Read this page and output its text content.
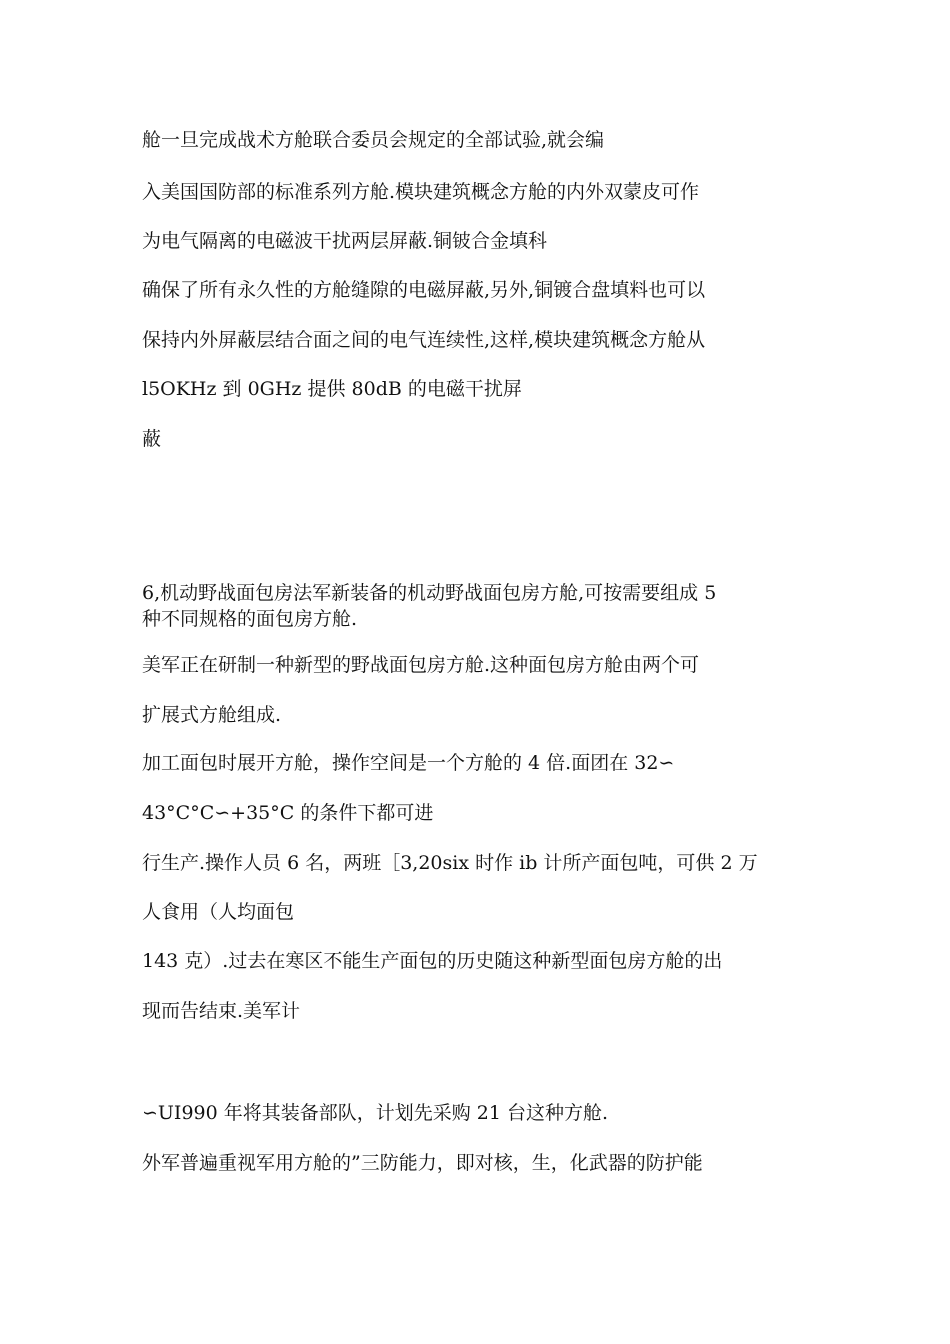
舱一旦完成战术方舱联合委员会规定的全部试验,就会编

入美国国防部的标准系列方舱.模块建筑概念方舱的内外双蒙皮可作

为电气隔离的电磁波干扰两层屏蔽.铜铍合金填科

确保了所有永久性的方舱缝隙的电磁屏蔽,另外,铜镀合盘填料也可以

保持内外屏蔽层结合面之间的电气连续性,这样,模块建筑概念方舱从

l5OKHz 到 0GHz 提供 80dB 的电磁干扰屏

蔽

6,机动野战面包房法军新装备的机动野战面包房方舱,可按需要组成 5

种不同规格的面包房方舱.

美军正在研制一种新型的野战面包房方舱.这种面包房方舱由两个可

扩展式方舱组成.

加工面包时展开方舱，操作空间是一个方舱的 4 倍.面团在 32∽

43°C°C∽+35°C 的条件下都可进

行生产.操作人员 6 名，两班［3,20six 时作 ib 计所产面包吨，可供 2 万

人食用（人均面包

143 克）.过去在寒区不能生产面包的历史随这种新型面包房方舱的出

现而告结束.美军计

∽UI990 年将其装备部队，计划先采购 21 台这种方舱.

外军普遍重视军用方舱的”三防能力，即对核，生，化武器的防护能
